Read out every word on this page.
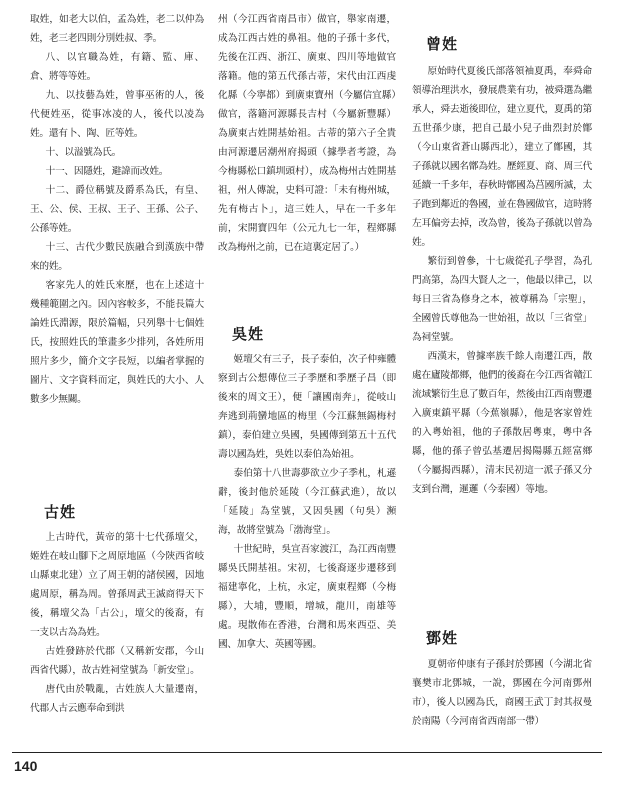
取姓，如老大以伯，孟為姓，老二以仲為姓，老三老四則分別姓叔、季。
八、以官職為姓，有籍、監、庫、倉、將等等姓。
九、以技藝為姓，曾事巫術的人，後代便姓巫，從事冰凌的人，後代以凌為姓。還有卜、陶、匠等姓。
十、以溢號為氏。
十一、因隱姓，避諱而改姓。
十二、爵位稱號及爵系為氏，有皇、王、公、侯、王叔、王子、王孫、公子、公孫等姓。
十三、古代少數民族融合到漢族中帶來的姓。
客家先人的姓氏來歷，也在上述這十幾種範圍之內。因內容較多，不能長篇大論姓氏淵源，限於篇幅，只列舉十七個姓氏，按照姓氏的筆畫多少排列，各姓所用照片多少，簡介文字長短，以編者掌握的圖片、文字資料而定，與姓氏的大小、人數多少無關。
古姓
上古時代，黃帝的第十七代孫壇父，姬姓在岐山腳下之周原地區（今陝西省岐山縣東北建）立了周王朝的諸侯國，因地處周原，稱為周。曾孫周武王滅商得天下後，稱壇父為「古公」，壇父的後裔，有一支以古為為姓。
古姓發跡於代郡（又稱新安郡，今山西省代縣），故古姓祠堂號為「新安堂」。
唐代由於戰亂，古姓族人大量遷南，代郡人古云應奉命到洪
州（今江西省南昌市）做官，舉家南遷，成為江西古姓的鼻祖。他的子孫十多代，先後在江西、浙江、廣東、四川等地做官落籍。他的第五代孫古蒂，宋代由江西虔化縣（今寧都）到廣東寶州（今屬信宜縣）做官，落籍河源縣長吉村（今屬新豐縣）為廣東古姓開基始祖。古蒂的第六子全貴由河源遷居潮州府揭頭（據學者考證，為今梅縣松口鎮圳頭村），成為梅州古姓開基祖，州人傳說，史料可證：「未有梅州城，先有梅古卜」，這三姓人，早在一千多年前，宋開寶四年（公元九七一年，程鄉縣改為梅州之前，已在這裏定居了。）
吳姓
姬壇父有三子，長子泰伯，次子仲雍體察到古公想傳位三子季歷和季歷子昌（即後來的周文王），便「讓國南奔」，從岐山奔逃到荊蠻地區的梅里（今江蘇無錫梅村鎮），泰伯建立吳國，吳國傳到第五十五代壽以國為姓，吳姓以泰伯為始祖。
泰伯第十八世壽夢欲立少子季札，札遜辭，後封他於延陵（今江蘇武進），故以「延陵」為堂號，又因吳國（句吳）瀕海，故將堂號為「渤海堂」。
十世紀時，吳宣吾家渡江，為江西南豐縣吳氏開基祖。宋初，七後裔逐步遷移到福建寧化，上杭，永定，廣東程鄉（今梅縣），大埔，豐順，增城，龍川，南雄等處。現散佈在香港，台灣和馬來西亞、美國、加拿大、英國等國。
曾姓
原始時代夏後氏部落領袖夏禹，奉舜命領導治理洪水，發展農業有功，被舜選為繼承人，舜去逝後即位，建立夏代，夏禹的第五世孫少康，把自己最小兒子曲烈封於鄫（今山東省蒼山縣西北），建立了鄫國，其子孫就以國名鄫為姓。歷經夏、商、周三代延續一千多年，春秋時鄫國為莒國所滅，太子跑到鄰近的魯國，並在魯國做官，這時將左耳偏旁去掉，改為曾，後為子孫就以曾為姓。
繁衍到曾參，十七歲從孔子學習，為孔門高第，為四大賢人之一，他最以律己，以每日三省為修身之本，被尊稱為「宗聖」，全國曾氏尊他為一世始祖，故以「三省堂」為祠堂號。
西漢末，曾據率族千餘人南遷江西，散處在廬陵都鄉，他們的後裔在今江西省贛江流域繁衍生息了數百年，然後由江西南豐遷入廣東鎮平縣（今蕉嶺縣），他是客家曾姓的入粵始祖，他的子孫散居粵東，粵中各縣，他的孫子曾弘基遷居揭陽縣五經富鄉（今屬揭西縣），清末民初這一派子孫又分支到台灣，暹邏（今泰國）等地。
鄧姓
夏朝帝仲康有子孫封於鄧國（今湖北省襄樊市北鄧城，一說，鄧國在今河南鄧州市），後人以國為氏，商國王武丁封其叔曼於南陽（今河南省西南部一帶）
140
